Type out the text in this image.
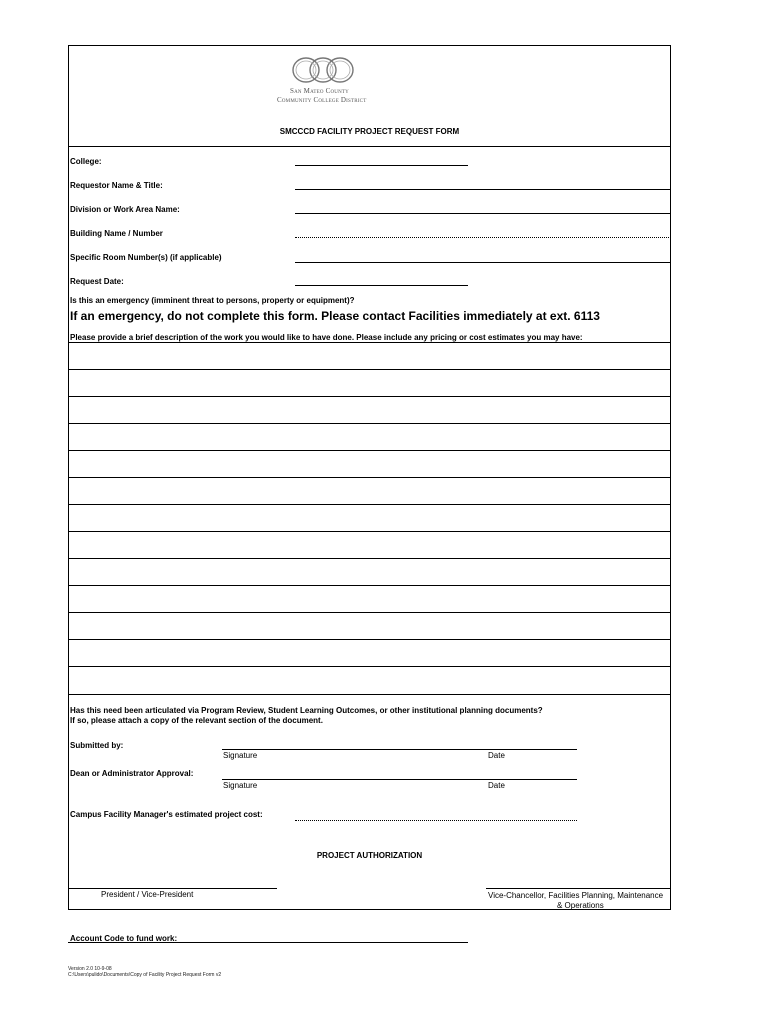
San Mateo County
Community College District
SMCCCD FACILITY PROJECT REQUEST FORM
College:
Requestor Name & Title:
Division or Work Area Name:
Building Name / Number
Specific Room Number(s) (if applicable)
Request Date:
Is this an emergency (imminent threat to persons, property or equipment)?
If an emergency, do not complete this form. Please contact Facilities immediately at ext. 6113
Please provide a brief description of the work you would like to have done. Please include any pricing or cost estimates you may have:
Has this need been articulated via Program Review, Student Learning Outcomes, or other institutional planning documents?
If so, please attach a copy of the relevant section of the document.
Submitted by:
Signature	Date
Dean or Administrator Approval:
Signature	Date
Campus Facility Manager's estimated project cost:
PROJECT AUTHORIZATION
President / Vice-President	Vice-Chancellor, Facilities Planning, Maintenance
& Operations
Account Code to fund work:
Version 2.0 10-9-08
C:\Users\pulido\Documents\Copy of Facility Project Request Form v2
